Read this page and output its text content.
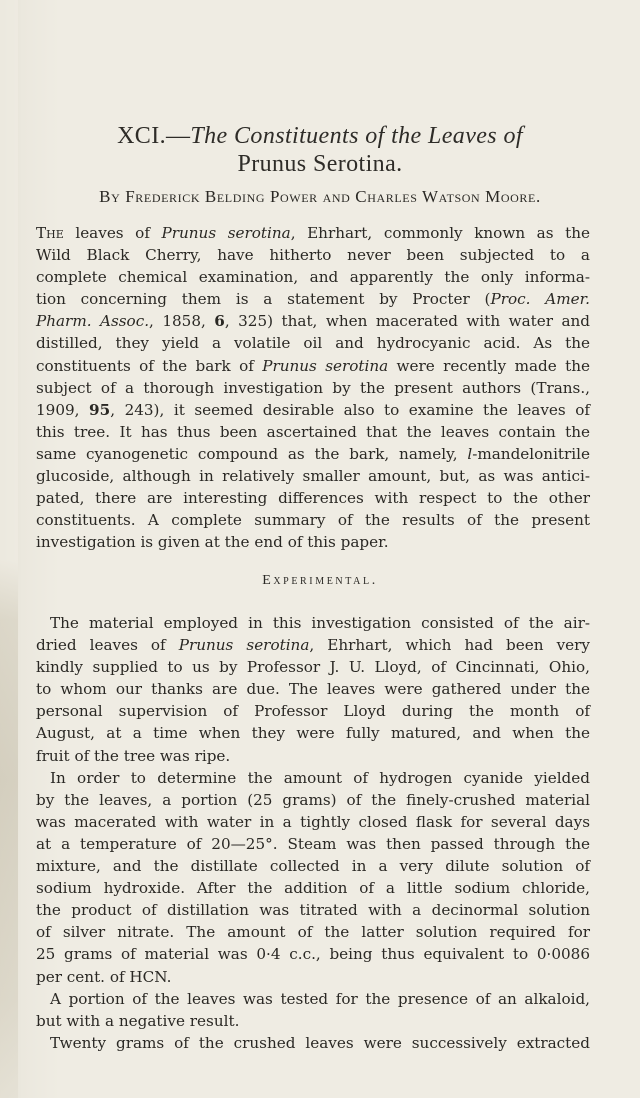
XCI.—The Constituents of the Leaves of
Prunus Serotina.
By Frederick Belding Power and Charles Watson Moore.
The leaves of Prunus serotina, Ehrhart, commonly known as the
Wild Black Cherry, have hitherto never been subjected to a
complete chemical examination, and apparently the only informa-
tion concerning them is a statement by Procter (Proc. Amer.
Pharm. Assoc., 1858, 6, 325) that, when macerated with water and
distilled, they yield a volatile oil and hydrocyanic acid. As the
constituents of the bark of Prunus serotina were recently made the
subject of a thorough investigation by the present authors (Trans.,
1909, 95, 243), it seemed desirable also to examine the leaves of
this tree. It has thus been ascertained that the leaves contain the
same cyanogenetic compound as the bark, namely, l-mandelonitrile
glucoside, although in relatively smaller amount, but, as was antici-
pated, there are interesting differences with respect to the other
constituents. A complete summary of the results of the present
investigation is given at the end of this paper.
Experimental.
The material employed in this investigation consisted of the air-
dried leaves of Prunus serotina, Ehrhart, which had been very
kindly supplied to us by Professor J. U. Lloyd, of Cincinnati, Ohio,
to whom our thanks are due. The leaves were gathered under the
personal supervision of Professor Lloyd during the month of
August, at a time when they were fully matured, and when the
fruit of the tree was ripe.
In order to determine the amount of hydrogen cyanide yielded
by the leaves, a portion (25 grams) of the finely-crushed material
was macerated with water in a tightly closed flask for several days
at a temperature of 20—25°. Steam was then passed through the
mixture, and the distillate collected in a very dilute solution of
sodium hydroxide. After the addition of a little sodium chloride,
the product of distillation was titrated with a decinormal solution
of silver nitrate. The amount of the latter solution required for
25 grams of material was 0·4 c.c., being thus equivalent to 0·0086
per cent. of HCN.
A portion of the leaves was tested for the presence of an alkaloid,
but with a negative result.
Twenty grams of the crushed leaves were successively extracted
